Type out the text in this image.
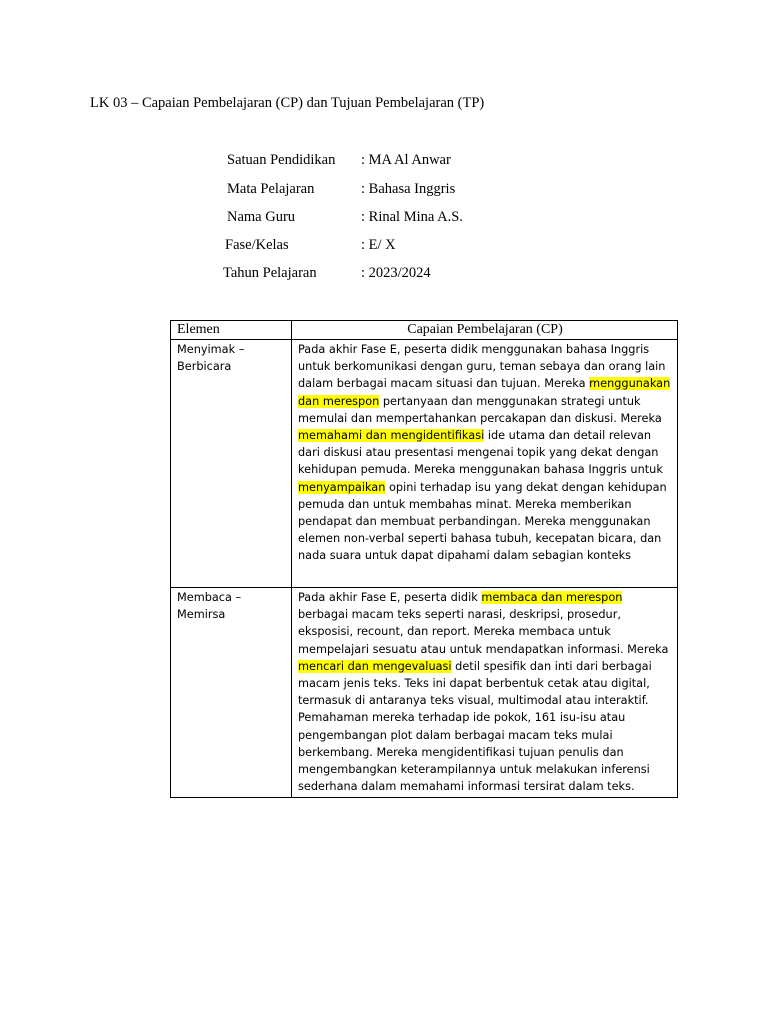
LK 03 – Capaian Pembelajaran (CP) dan Tujuan Pembelajaran (TP)
Satuan Pendidikan : MA Al Anwar
Mata Pelajaran	: Bahasa Inggris
Nama Guru	: Rinal Mina A.S.
Fase/Kelas	: E/ X
Tahun Pelajaran	: 2023/2024
Elemen	Capaian Pembelajaran (CP)
Menyimak – Berbicara	Pada akhir Fase E, peserta didik menggunakan bahasa Inggris untuk berkomunikasi dengan guru, teman sebaya dan orang lain dalam berbagai macam situasi dan tujuan. Mereka menggunakan dan merespon pertanyaan dan menggunakan strategi untuk memulai dan mempertahankan percakapan dan diskusi. Mereka memahami dan mengidentifikasi ide utama dan detail relevan dari diskusi atau presentasi mengenai topik yang dekat dengan kehidupan pemuda. Mereka menggunakan bahasa Inggris untuk menyampaikan opini terhadap isu yang dekat dengan kehidupan pemuda dan untuk membahas minat. Mereka memberikan pendapat dan membuat perbandingan. Mereka menggunakan elemen non-verbal seperti bahasa tubuh, kecepatan bicara, dan nada suara untuk dapat dipahami dalam sebagian konteks
Membaca – Memirsa	Pada akhir Fase E, peserta didik membaca dan merespon berbagai macam teks seperti narasi, deskripsi, prosedur, eksposisi, recount, dan report. Mereka membaca untuk mempelajari sesuatu atau untuk mendapatkan informasi. Mereka mencari dan mengevaluasi detil spesifik dan inti dari berbagai macam jenis teks. Teks ini dapat berbentuk cetak atau digital, termasuk di antaranya teks visual, multimodal atau interaktif. Pemahaman mereka terhadap ide pokok, 161 isu-isu atau pengembangan plot dalam berbagai macam teks mulai berkembang. Mereka mengidentifikasi tujuan penulis dan mengembangkan keterampilannya untuk melakukan inferensi sederhana dalam memahami informasi tersirat dalam teks.
